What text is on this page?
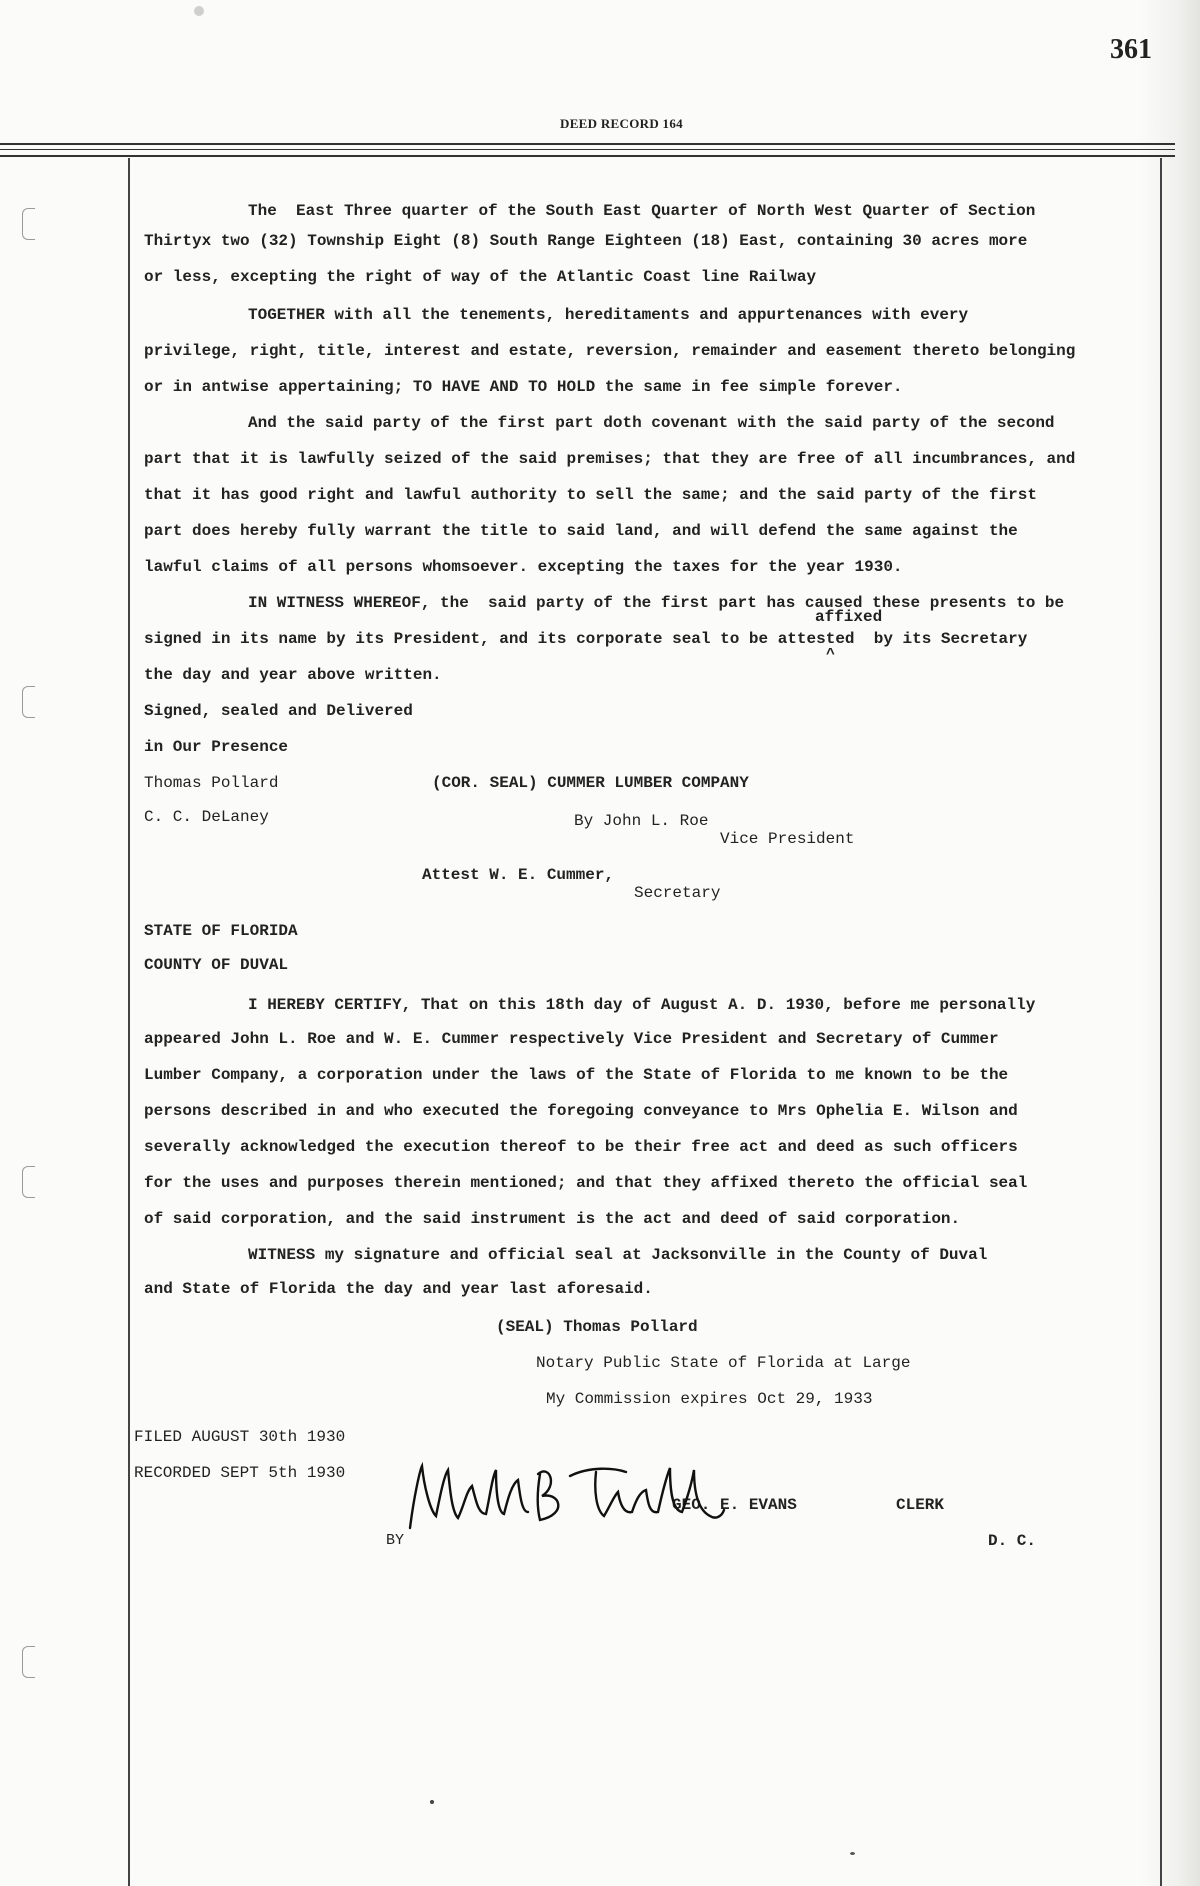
361
DEED RECORD 164
The  East Three quarter of the South East Quarter of North West Quarter of Section
Thirtyx two (32) Township Eight (8) South Range Eighteen (18) East, containing 30 acres more
or less, excepting the right of way of the Atlantic Coast line Railway
TOGETHER with all the tenements, hereditaments and appurtenances with every
privilege, right, title, interest and estate, reversion, remainder and easement thereto belonging
or in antwise appertaining; TO HAVE AND TO HOLD the same in fee simple forever.
And the said party of the first part doth covenant with the said party of the second
part that it is lawfully seized of the said premises; that they are free of all incumbrances, and
that it has good right and lawful authority to sell the same; and the said party of the first
part does hereby fully warrant the title to said land, and will defend the same against the
lawful claims of all persons whomsoever. excepting the taxes for the year 1930.
IN WITNESS WHEREOF, the  said party of the first part has caused these presents to be
affixed
signed in its name by its President, and its corporate seal to be attested  by its Secretary
^
the day and year above written.
Signed, sealed and Delivered
in Our Presence
Thomas Pollard	(COR. SEAL) CUMMER LUMBER COMPANY
C. C. DeLaney	By John L. Roe
Vice President
Attest W. E. Cummer,
Secretary
STATE OF FLORIDA
COUNTY OF DUVAL
I HEREBY CERTIFY, That on this 18th day of August A. D. 1930, before me personally
appeared John L. Roe and W. E. Cummer respectively Vice President and Secretary of Cummer
Lumber Company, a corporation under the laws of the State of Florida to me known to be the
persons described in and who executed the foregoing conveyance to Mrs Ophelia E. Wilson and
severally acknowledged the execution thereof to be their free act and deed as such officers
for the uses and purposes therein mentioned; and that they affixed thereto the official seal
of said corporation, and the said instrument is the act and deed of said corporation.
WITNESS my signature and official seal at Jacksonville in the County of Duval
and State of Florida the day and year last aforesaid.
(SEAL) Thomas Pollard
Notary Public State of Florida at Large
My Commission expires Oct 29, 1933
FILED AUGUST 30th 1930
RECORDED SEPT 5th 1930
GEO. E. EVANS	CLERK
BY	D. C.
